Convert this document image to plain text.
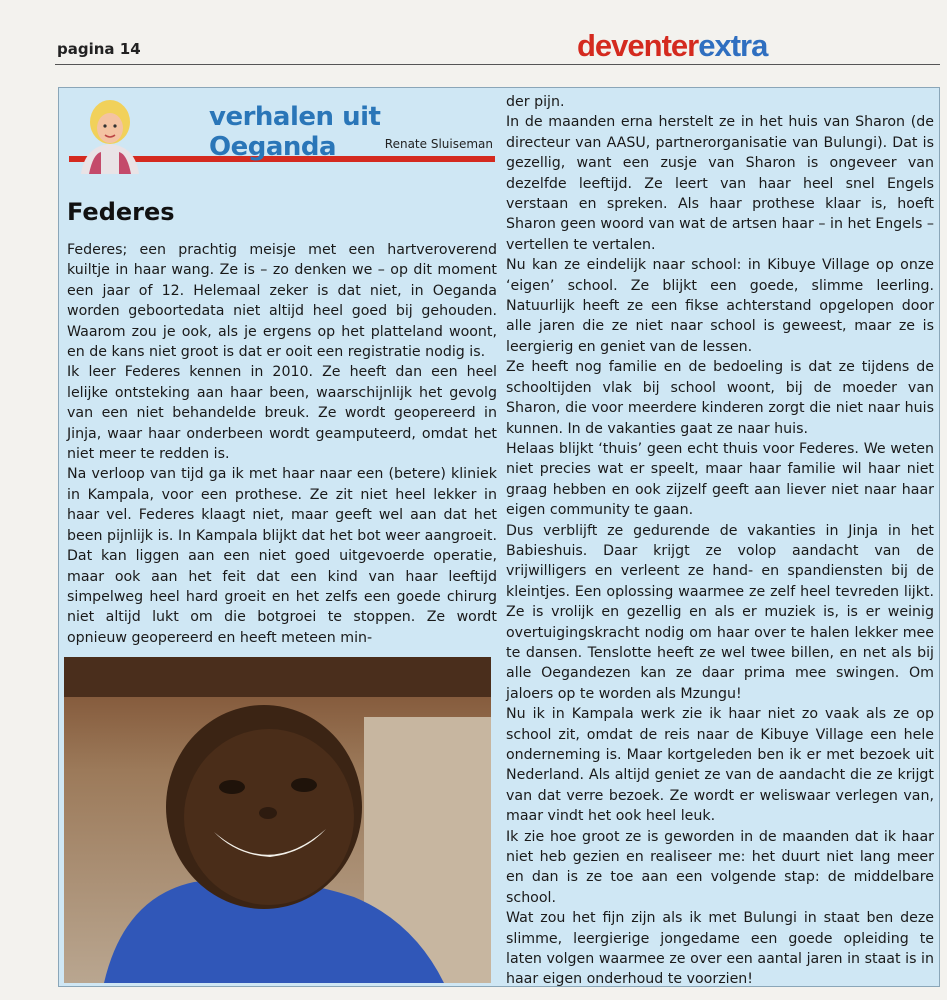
pagina 14	deventerextra
verhalen uit Oeganda	Renate Sluiseman
Federes

Federes; een prachtig meisje met een hartveroverend kuiltje in haar wang. Ze is – zo denken we – op dit moment een jaar of 12. Helemaal zeker is dat niet, in Oeganda worden geboortedata niet altijd heel goed bij gehouden. Waarom zou je ook, als je ergens op het platteland woont, en de kans niet groot is dat er ooit een registratie nodig is.

Ik leer Federes kennen in 2010. Ze heeft dan een heel lelijke ontsteking aan haar been, waarschijnlijk het gevolg van een niet behandelde breuk. Ze wordt geopereerd in Jinja, waar haar onderbeen wordt geamputeerd, omdat het niet meer te redden is.

Na verloop van tijd ga ik met haar naar een (betere) kliniek in Kampala, voor een prothese. Ze zit niet heel lekker in haar vel. Federes klaagt niet, maar geeft wel aan dat het been pijnlijk is. In Kampala blijkt dat het bot weer aangroeit. Dat kan liggen aan een niet goed uitgevoerde operatie, maar ook aan het feit dat een kind van haar leeftijd simpelweg heel hard groeit en het zelfs een goede chirurg niet altijd lukt om die botgroei te stoppen. Ze wordt opnieuw geopereerd en heeft meteen min-

der pijn.

In de maanden erna herstelt ze in het huis van Sharon (de directeur van AASU, partnerorganisatie van Bulungi). Dat is gezellig, want een zusje van Sharon is ongeveer van dezelfde leeftijd. Ze leert van haar heel snel Engels verstaan en spreken. Als haar prothese klaar is, hoeft Sharon geen woord van wat de artsen haar – in het Engels – vertellen te vertalen.

Nu kan ze eindelijk naar school: in Kibuye Village op onze ‘eigen’ school. Ze blijkt een goede, slimme leerling. Natuurlijk heeft ze een fikse achterstand opgelopen door alle jaren die ze niet naar school is geweest, maar ze is leergierig en geniet van de lessen.

Ze heeft nog familie en de bedoeling is dat ze tijdens de schooltijden vlak bij school woont, bij de moeder van Sharon, die voor meerdere kinderen zorgt die niet naar huis kunnen. In de vakanties gaat ze naar huis.

Helaas blijkt ‘thuis’ geen echt thuis voor Federes. We weten niet precies wat er speelt, maar haar familie wil haar niet graag hebben en ook zijzelf geeft aan liever niet naar haar eigen community te gaan.

Dus verblijft ze gedurende de vakanties in Jinja in het Babieshuis. Daar krijgt ze volop aandacht van de vrijwilligers en verleent ze hand- en spandiensten bij de kleintjes. Een oplossing waarmee ze zelf heel tevreden lijkt. Ze is vrolijk en gezellig en als er muziek is, is er weinig overtuigingskracht nodig om haar over te halen lekker mee te dansen. Tenslotte heeft ze wel twee billen, en net als bij alle Oegandezen kan ze daar prima mee swingen. Om jaloers op te worden als Mzungu!

Nu ik in Kampala werk zie ik haar niet zo vaak als ze op school zit, omdat de reis naar de Kibuye Village een hele onderneming is. Maar kortgeleden ben ik er met bezoek uit Nederland. Als altijd geniet ze van de aandacht die ze krijgt van dat verre bezoek. Ze wordt er weliswaar verlegen van, maar vindt het ook heel leuk.

Ik zie hoe groot ze is geworden in de maanden dat ik haar niet heb gezien en realiseer me: het duurt niet lang meer en dan is ze toe aan een volgende stap: de middelbare school.

Wat zou het fijn zijn als ik met Bulungi in staat ben deze slimme, leergierige jongedame een goede opleiding te laten volgen waarmee ze over een aantal jaren in staat is in haar eigen onderhoud te voorzien!
